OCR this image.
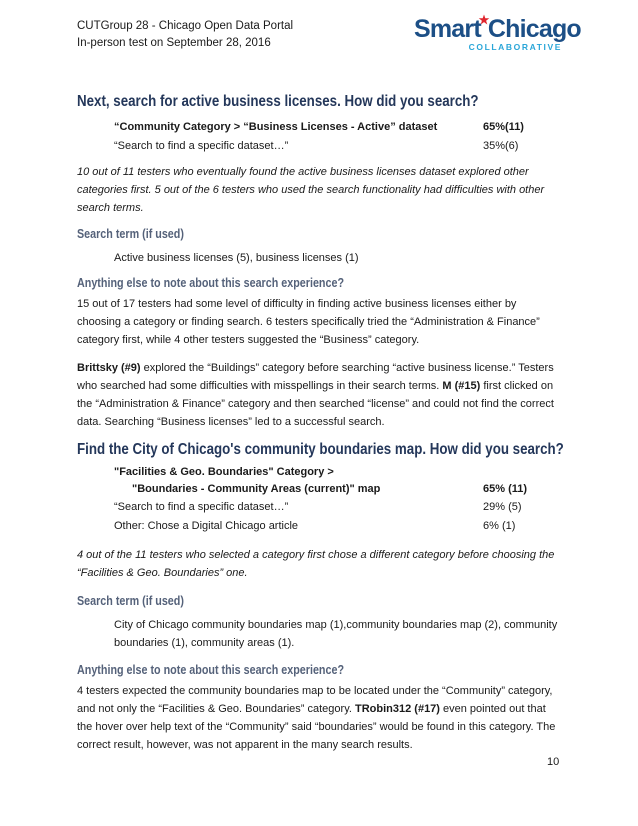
CUTGroup 28 - Chicago Open Data Portal
In-person test on September 28, 2016	Smart Chicago
COLLABORATIVE
Next, search for active business licenses. How did you search?
“Community Category > “Business Licenses - Active” dataset	65%(11)
“Search to find a specific dataset…”	35%(6)
10 out of 11 testers who eventually found the active business licenses dataset explored other categories first. 5 out of the 6 testers who used the search functionality had difficulties with other search terms.
Search term (if used)
Active business licenses (5), business licenses (1)
Anything else to note about this search experience?
15 out of 17 testers had some level of difficulty in finding active business licenses either by choosing a category or finding search. 6 testers specifically tried the “Administration & Finance” category first, while 4 other testers suggested the “Business” category.
Brittsky (#9) explored the “Buildings” category before searching “active business license.” Testers who searched had some difficulties with misspellings in their search terms. M (#15) first clicked on the “Administration & Finance” category and then searched “license” and could not find the correct data. Searching “Business licenses” led to a successful search.
Find the City of Chicago's community boundaries map. How did you search?
"Facilities & Geo. Boundaries" Category >
"Boundaries - Community Areas (current)" map	65% (11)
“Search to find a specific dataset…”	29% (5)
Other: Chose a Digital Chicago article	6% (1)
4 out of the 11 testers who selected a category first chose a different category before choosing the “Facilities & Geo. Boundaries” one.
Search term (if used)
City of Chicago community boundaries map (1),community boundaries map (2), community boundaries (1), community areas (1).
Anything else to note about this search experience?
4 testers expected the community boundaries map to be located under the “Community” category, and not only the “Facilities & Geo. Boundaries” category. TRobin312 (#17) even pointed out that the hover over help text of the “Community” said “boundaries” would be found in this category. The correct result, however, was not apparent in the many search results.
10
